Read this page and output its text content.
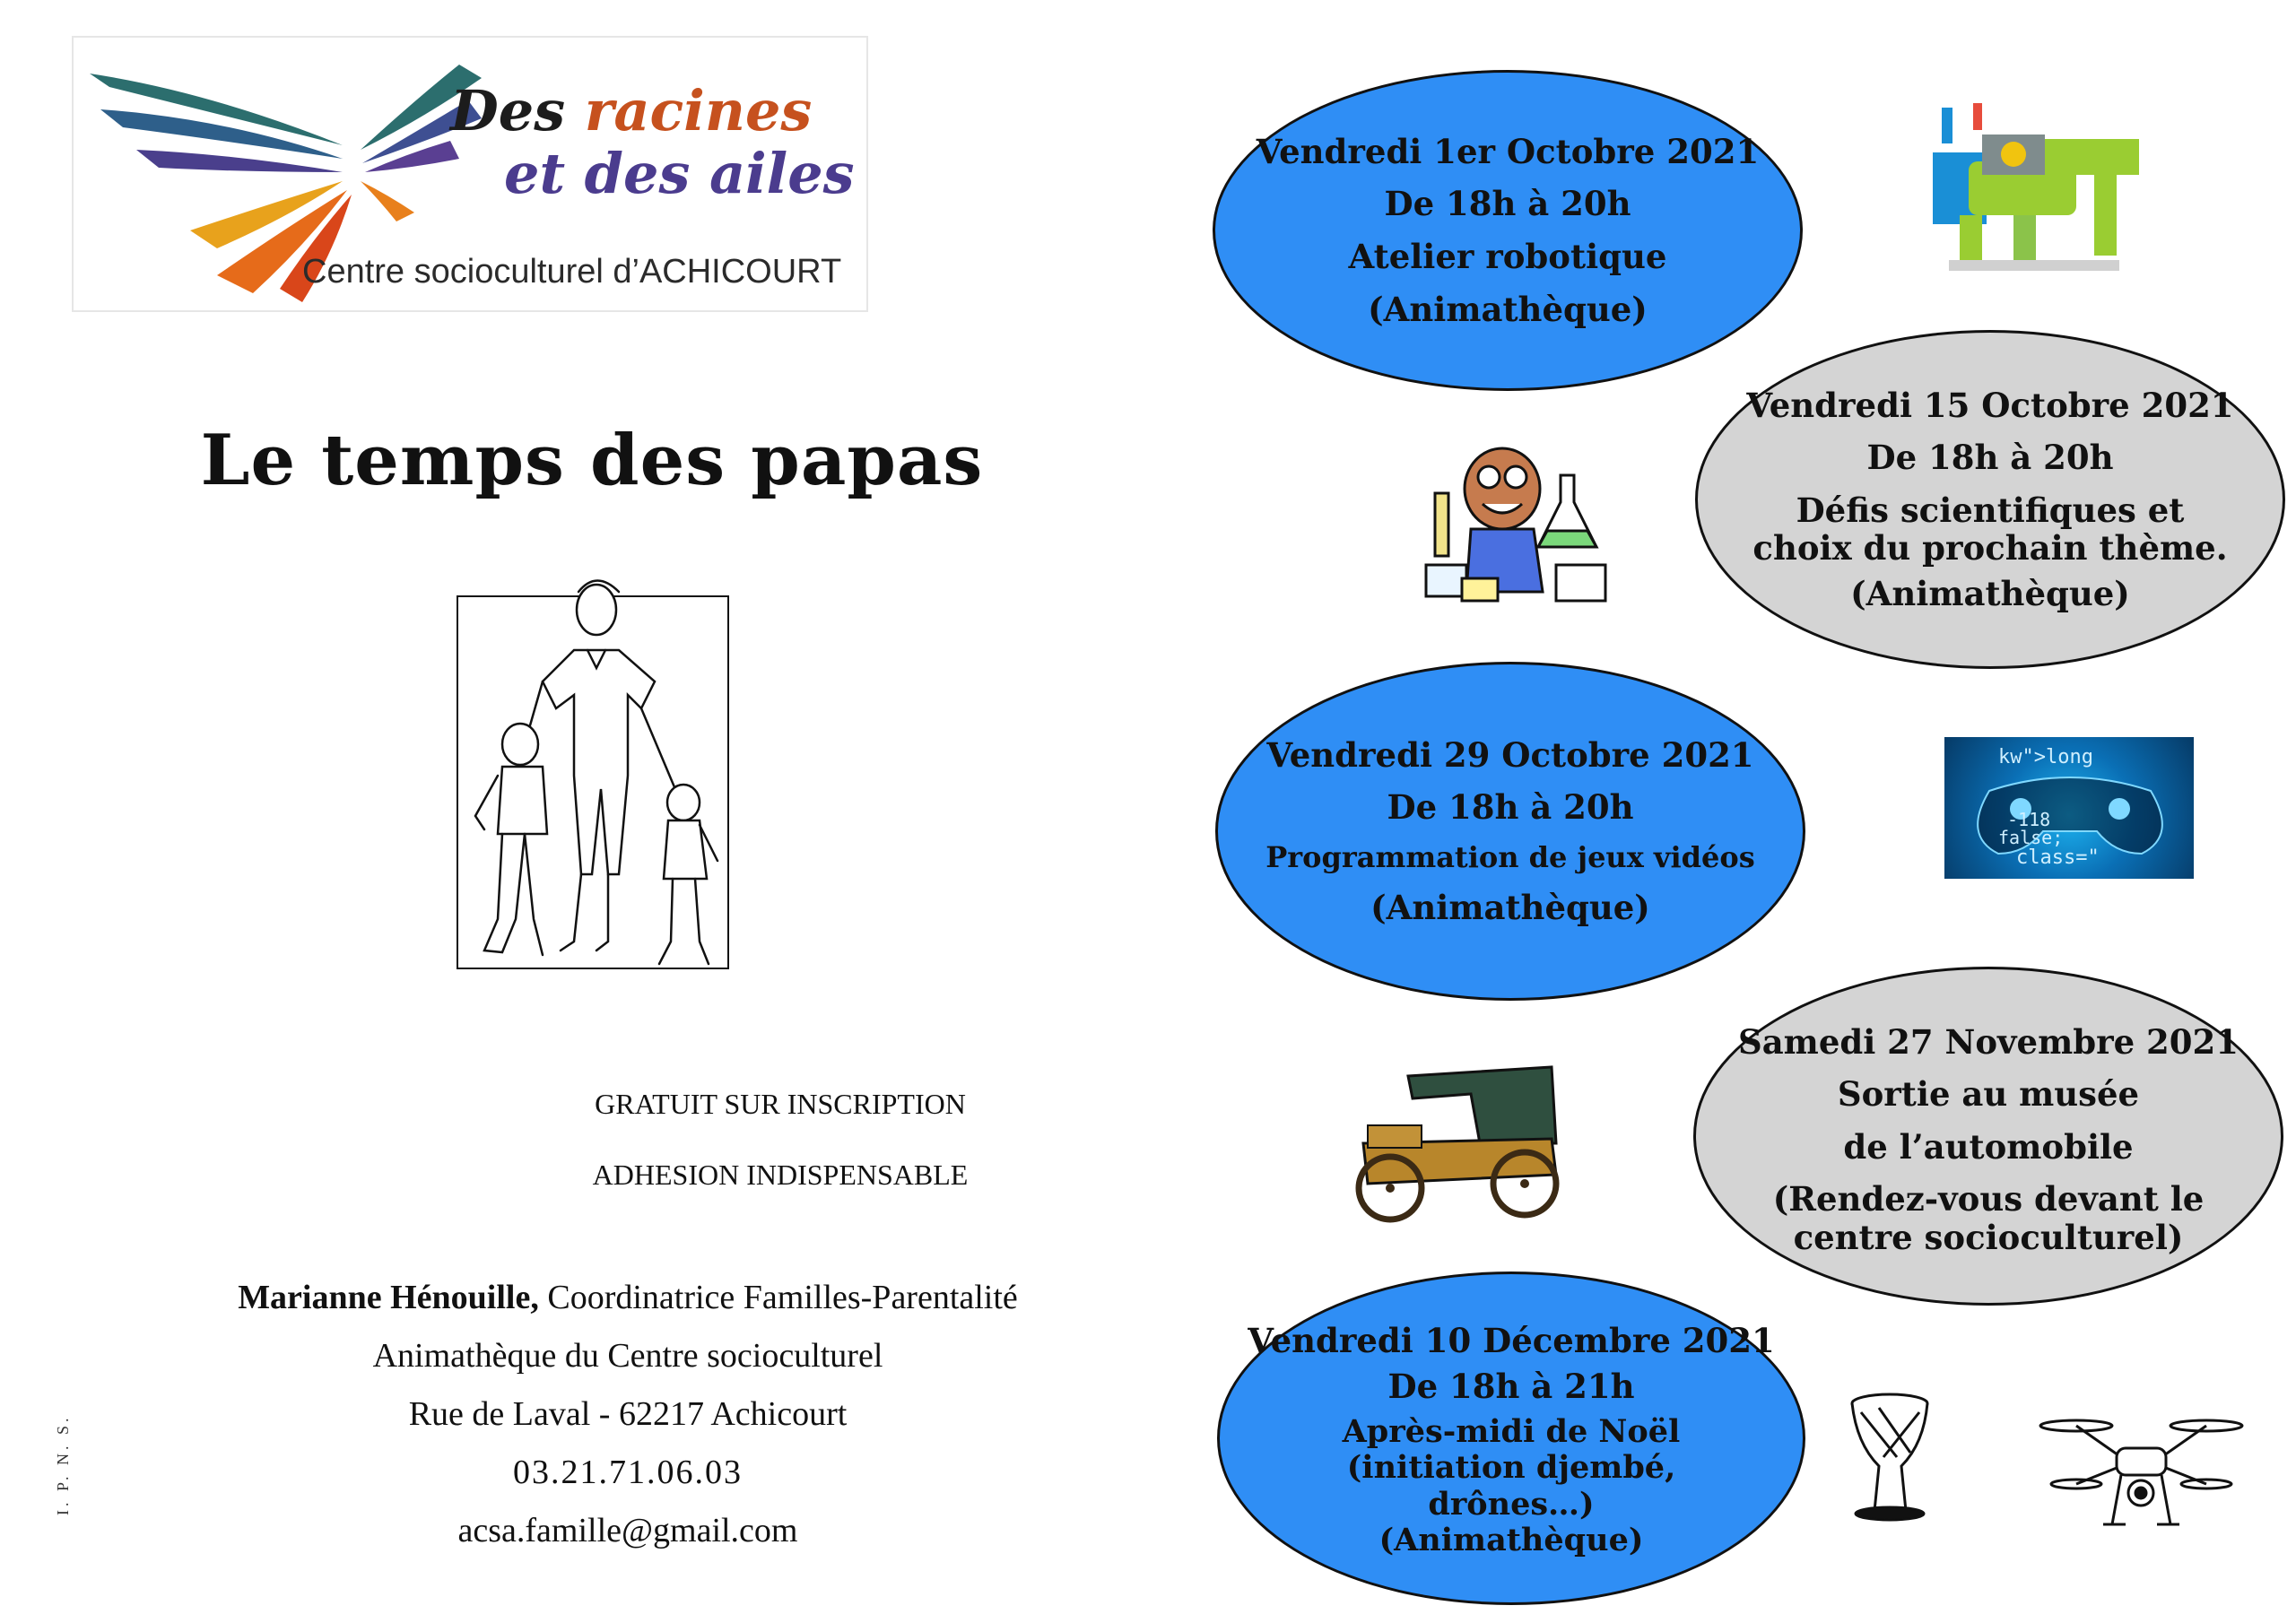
Des racines
et des ailes
Centre socioculturel d’ACHICOURT
Le temps des papas
GRATUIT SUR INSCRIPTION
ADHESION INDISPENSABLE
Marianne Hénouille, Coordinatrice Familles-Parentalité
Animathèque du Centre socioculturel
Rue de Laval - 62217 Achicourt
03.21.71.06.03
acsa.famille@gmail.com
I. P. N. S.
Vendredi 1er Octobre 2021
De 18h à 20h
Atelier robotique
(Animathèque)
Vendredi 15 Octobre 2021
De 18h à 20h
Défis scientifiques et
choix du prochain thème.
(Animathèque)
Vendredi 29 Octobre 2021
De 18h à 20h
Programmation de jeux vidéos
(Animathèque)
Samedi 27 Novembre 2021
Sortie au musée
de l’automobile
(Rendez-vous devant le
centre socioculturel)
Vendredi 10 Décembre 2021
De 18h à 21h
Après-midi de Noël
(initiation djembé,
drônes…)
(Animathèque)
kw">long
-118
false;
class="
